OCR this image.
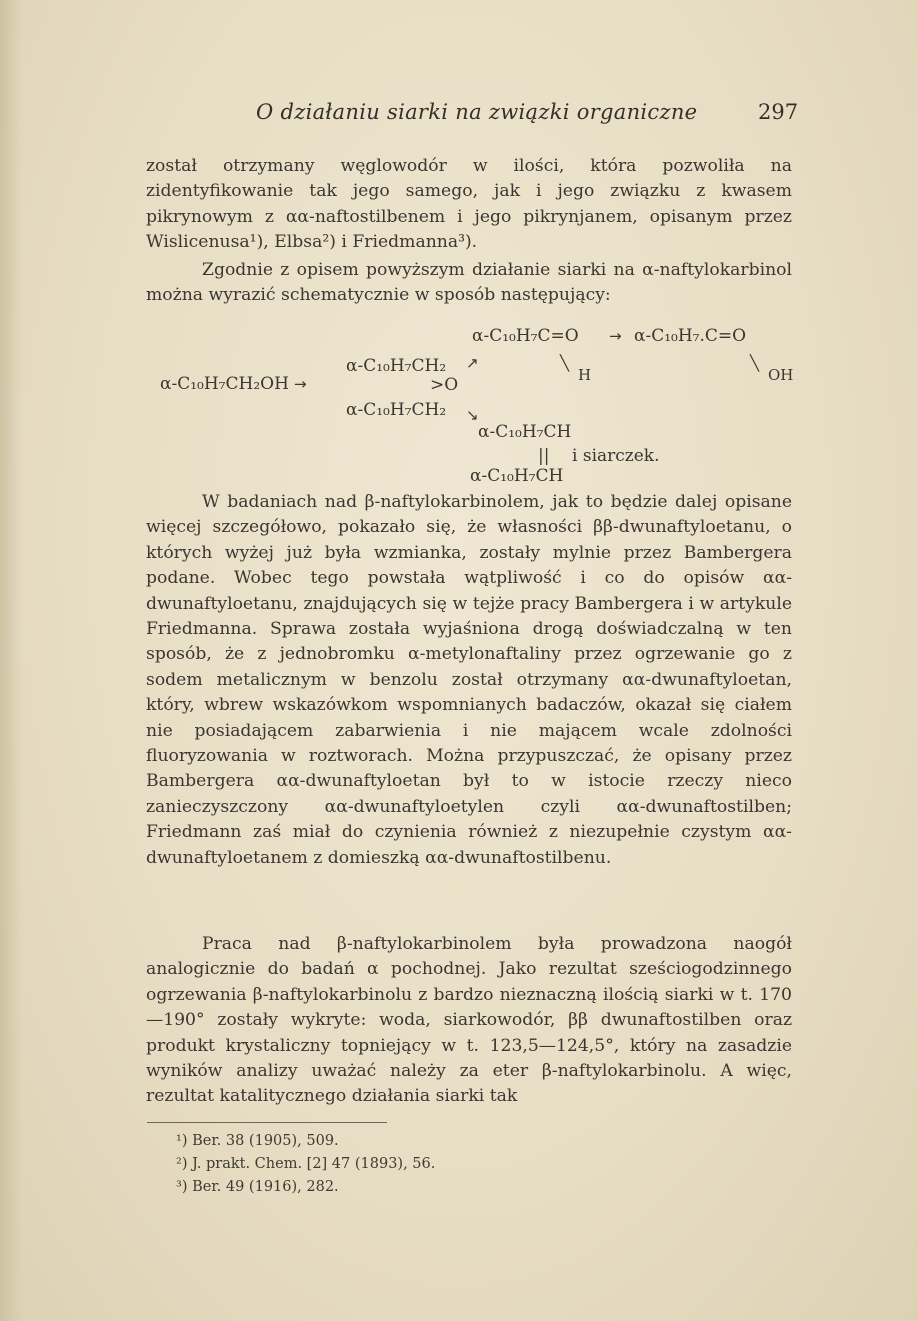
O działaniu siarki na związki organiczne	297

został otrzymany węglowodór w ilości, która pozwoliła na zidentyfikowanie tak jego samego, jak i jego związku z kwasem pikrynowym z αα-naftostilbenem i jego pikrynjanem, opisanym przez Wislicenusa¹), Elbsa²) i Friedmanna³).

Zgodnie z opisem powyższym działanie siarki na α-naftylokarbinol można wyrazić schematycznie w sposób następujący:

α-C₁₀H₇C=O → α-C₁₀H₇.C=O
α-C₁₀H₇CH₂ ↗	╲
H
╲
OH
α-C₁₀H₇CH₂OH →	>O
α-C₁₀H₇CH₂ ↘
α-C₁₀H₇CH
|| i siarczek.
α-C₁₀H₇CH

W badaniach nad β-naftylokarbinolem, jak to będzie dalej opisane więcej szczegółowo, pokazało się, że własności ββ-dwunaftyloetanu, o których wyżej już była wzmianka, zostały mylnie przez Bambergera podane. Wobec tego powstała wątpliwość i co do opisów αα-dwunaftyloetanu, znajdujących się w tejże pracy Bambergera i w artykule Friedmanna. Sprawa została wyjaśniona drogą doświadczalną w ten sposób, że z jednobromku α-metylonaftaliny przez ogrzewanie go z sodem metalicznym w benzolu został otrzymany αα-dwunaftyloetan, który, wbrew wskazówkom wspomnianych badaczów, okazał się ciałem nie posiadającem zabarwienia i nie mającem wcale zdolności fluoryzowania w roztworach. Można przypuszczać, że opisany przez Bambergera αα-dwunaftyloetan był to w istocie rzeczy nieco zanieczyszczony αα-dwunaftyloetylen czyli αα-dwunaftostilben; Friedmann zaś miał do czynienia również z niezupełnie czystym αα-dwunaftyloetanem z domieszką αα-dwunaftostilbenu.

Praca nad β-naftylokarbinolem była prowadzona naogół analogicznie do badań α pochodnej. Jako rezultat sześciogodzinnego ogrzewania β-naftylokarbinolu z bardzo nieznaczną ilością siarki w t. 170—190° zostały wykryte: woda, siarkowodór, ββ dwunaftostilben oraz produkt krystaliczny topniejący w t. 123,5—124,5°, który na zasadzie wyników analizy uważać należy za eter β-naftylokarbinolu. A więc, rezultat katalitycznego działania siarki tak

¹) Ber. 38 (1905), 509.
²) J. prakt. Chem. [2] 47 (1893), 56.
³) Ber. 49 (1916), 282.
